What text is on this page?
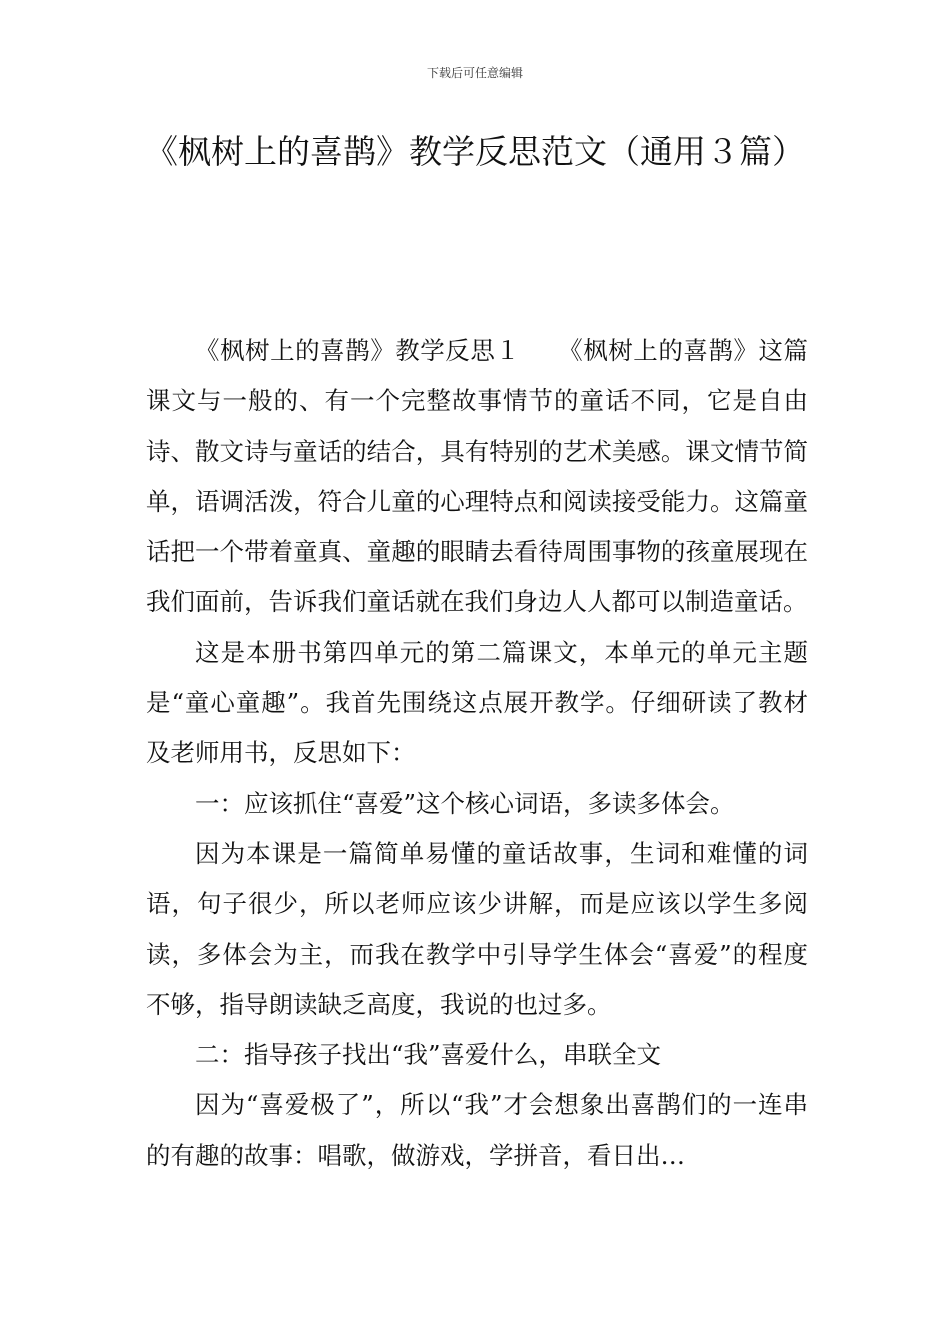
下载后可任意编辑
《枫树上的喜鹊》教学反思范文（通用３篇）

《枫树上的喜鹊》教学反思１　　《枫树上的喜鹊》这篇课文与一般的、有一个完整故事情节的童话不同，它是自由诗、散文诗与童话的结合，具有特别的艺术美感。课文情节简单，语调活泼，符合儿童的心理特点和阅读接受能力。这篇童话把一个带着童真、童趣的眼睛去看待周围事物的孩童展现在我们面前，告诉我们童话就在我们身边人人都可以制造童话。

这是本册书第四单元的第二篇课文，本单元的单元主题是“童心童趣”。我首先围绕这点展开教学。仔细研读了教材及老师用书，反思如下：

一：应该抓住“喜爱”这个核心词语，多读多体会。

因为本课是一篇简单易懂的童话故事，生词和难懂的词语，句子很少，所以老师应该少讲解，而是应该以学生多阅读，多体会为主，而我在教学中引导学生体会“喜爱”的程度不够，指导朗读缺乏高度，我说的也过多。

二：指导孩子找出“我”喜爱什么，串联全文

因为“喜爱极了”，所以“我”才会想象出喜鹊们的一连串的有趣的故事：唱歌，做游戏，学拼音，看日出…
